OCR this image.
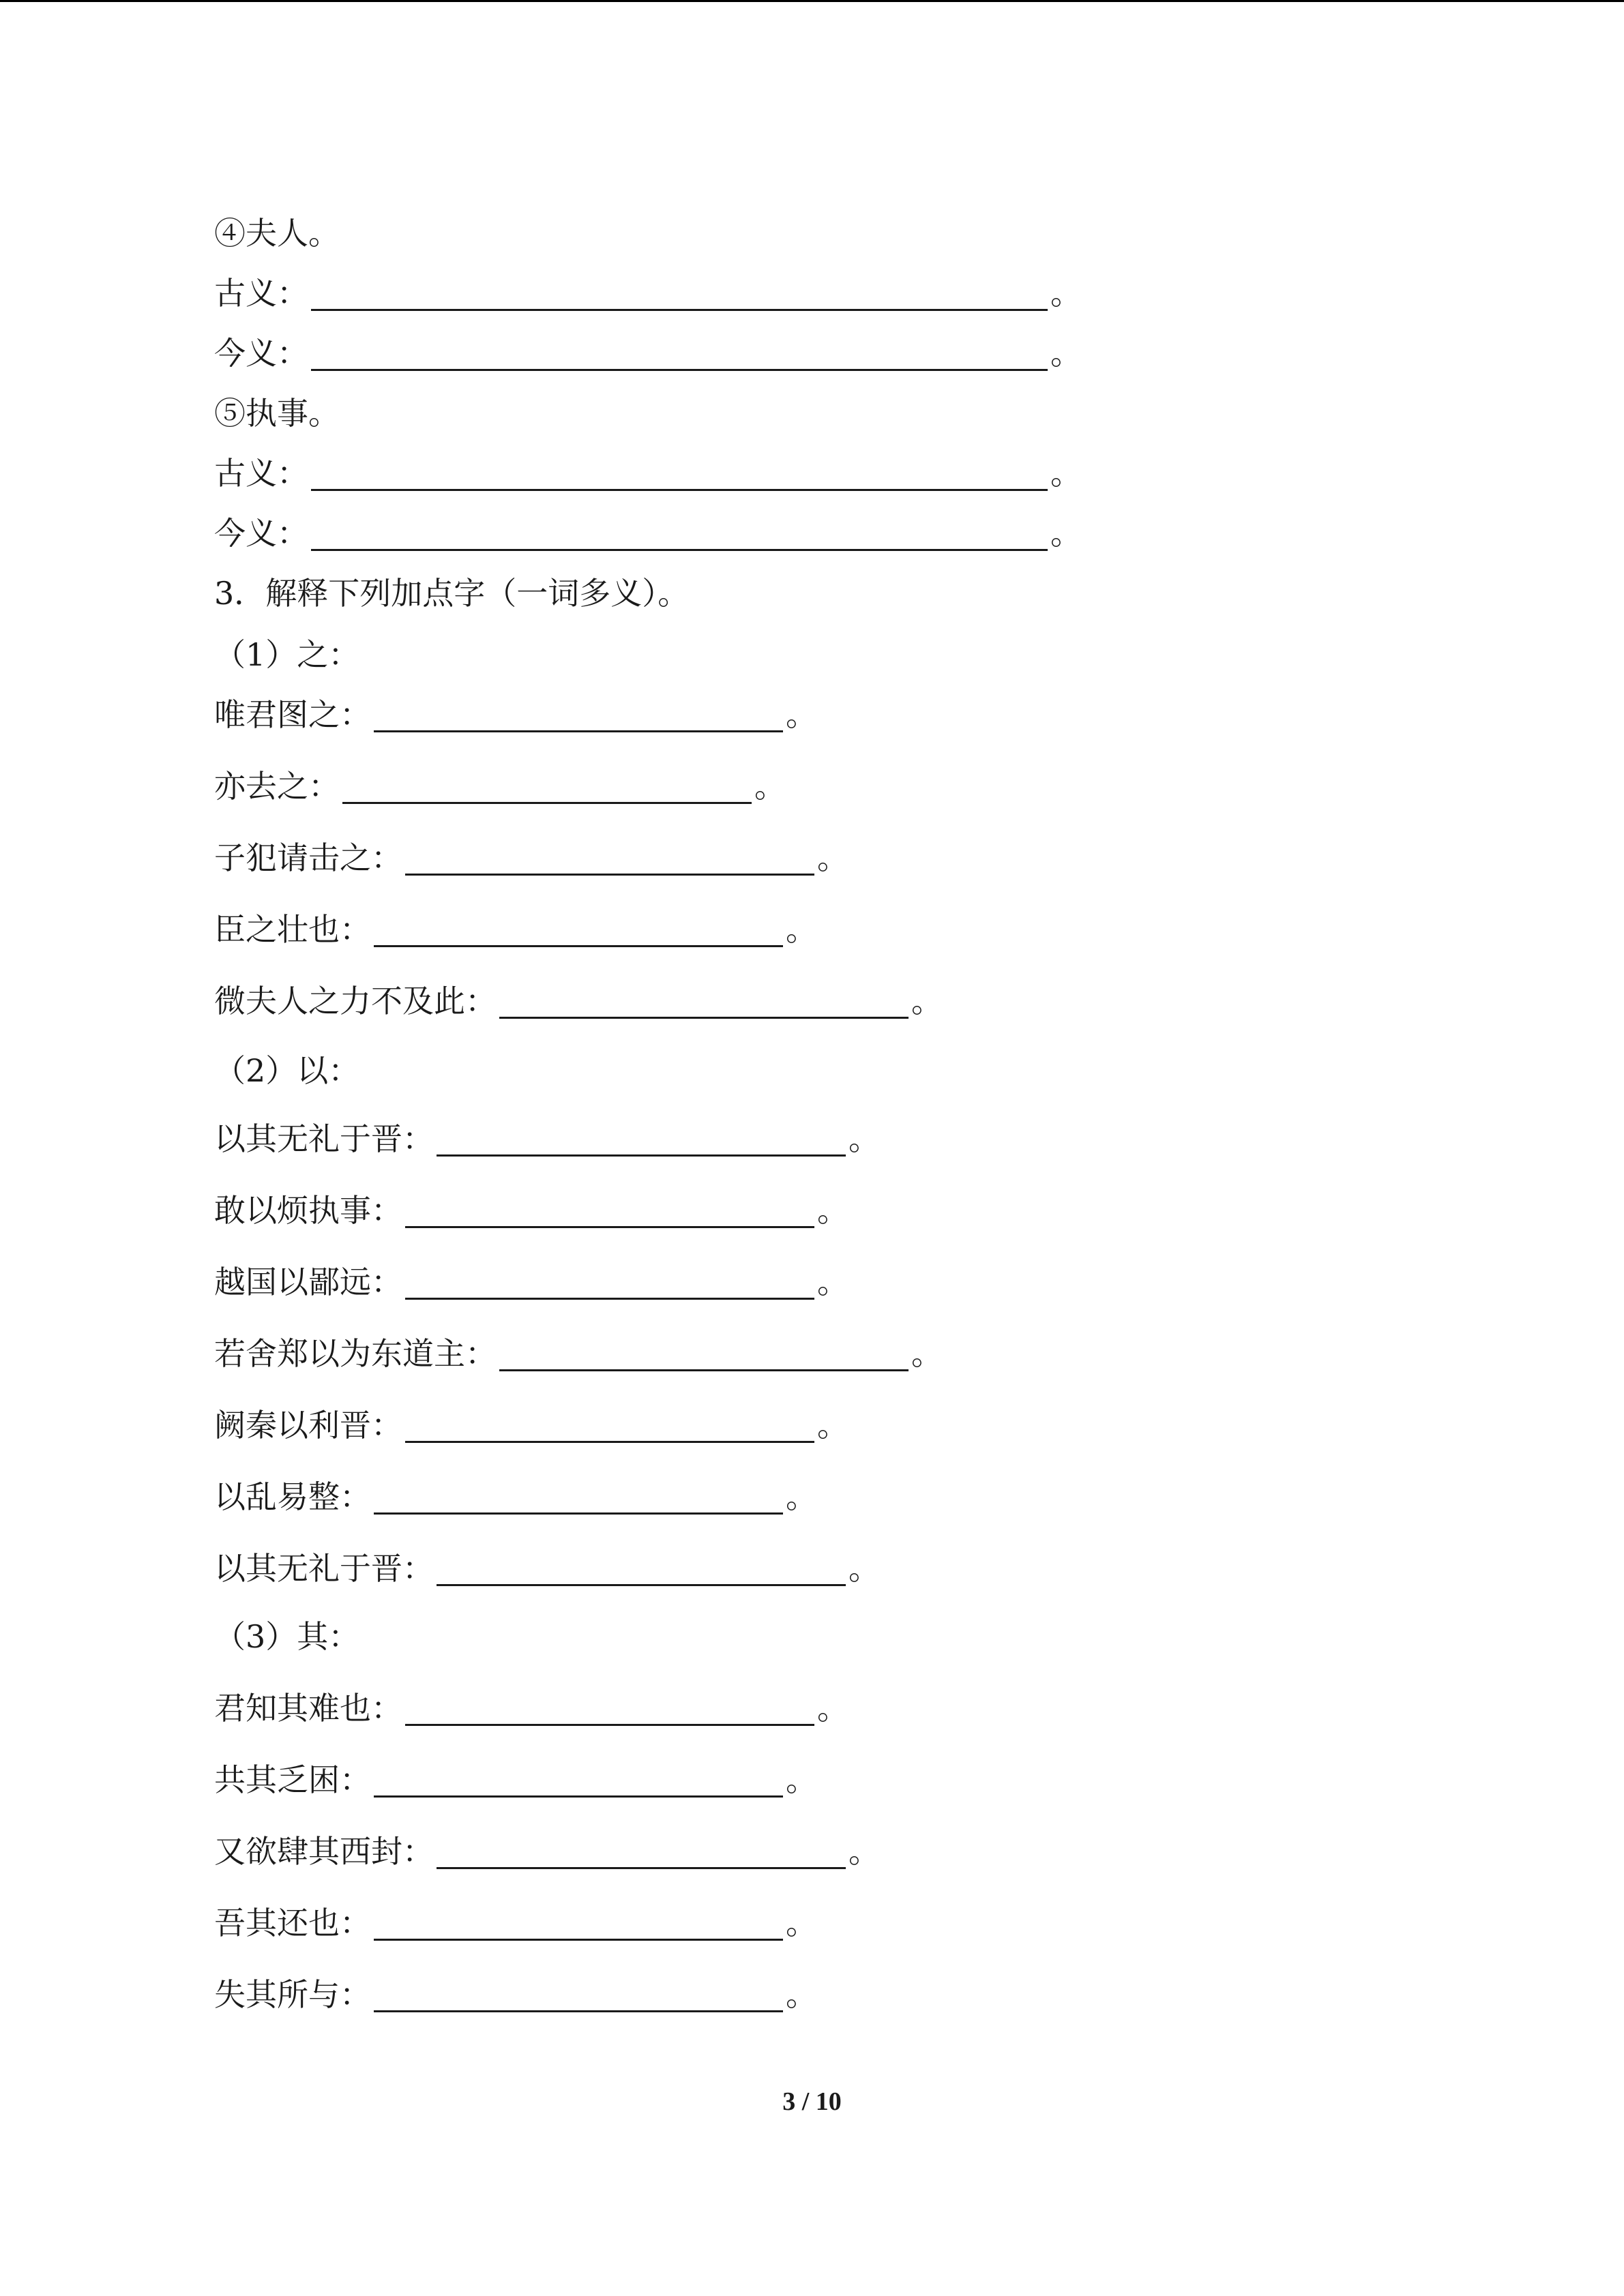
④夫人。
古义：	。
今义：	。
⑤执事。
古义：	。
今义：	。
3．解释下列加点字（一词多义）。
（1）之：
唯君图之：	。
亦去之：	。
子犯请击之：	。
臣之壮也：	。
微夫人之力不及此：	。
（2）以：
以其无礼于晋：	。
敢以烦执事：	。
越国以鄙远：	。
若舍郑以为东道主：	。
阙秦以利晋：	。
以乱易整：	。
以其无礼于晋：	。
（3）其：
君知其难也：	。
共其乏困：	。
又欲肆其西封：	。
吾其还也：	。
失其所与：	。
3 / 10
